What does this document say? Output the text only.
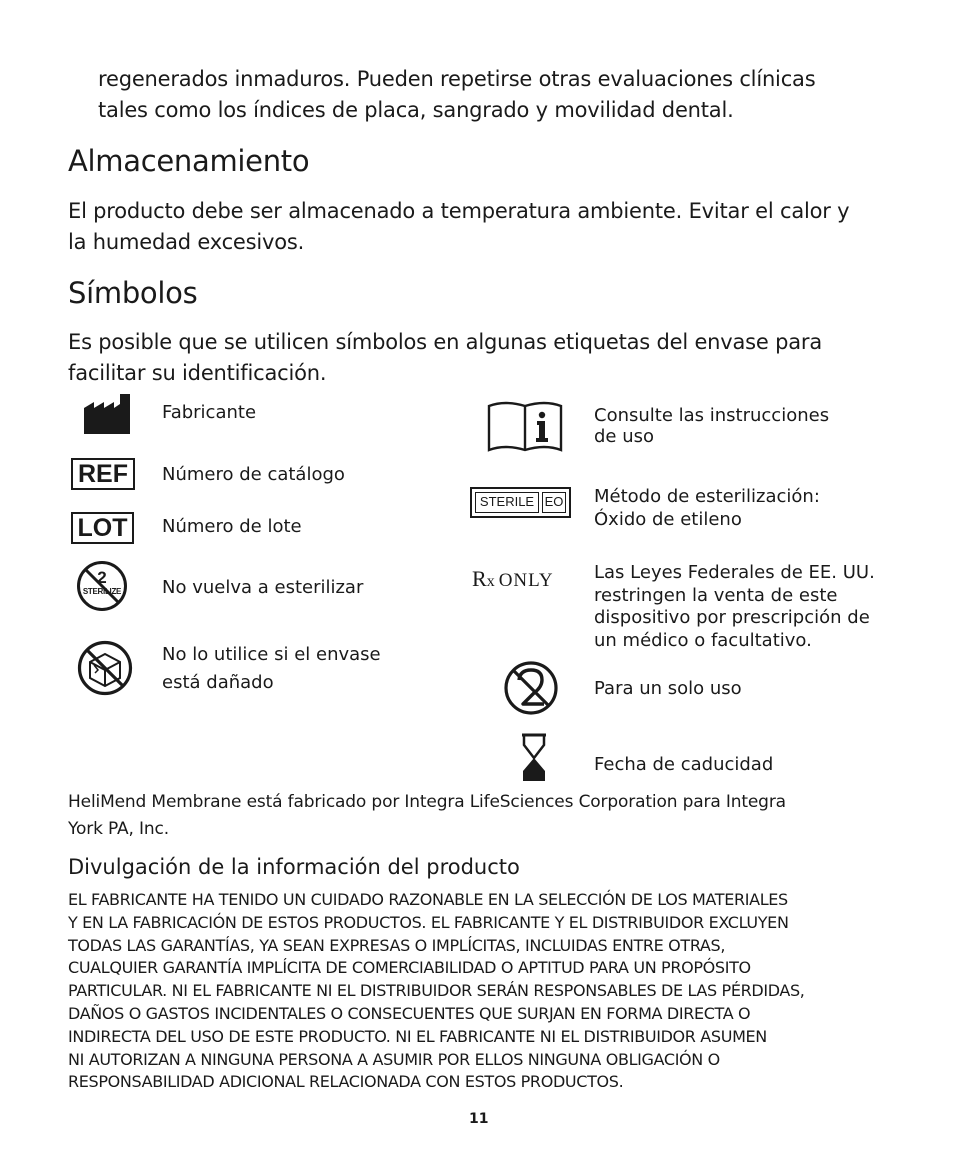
regenerados inmaduros. Pueden repetirse otras evaluaciones clínicas
tales como los índices de placa, sangrado y movilidad dental.
Almacenamiento
El producto debe ser almacenado a temperatura ambiente. Evitar el calor y
la humedad excesivos.
Símbolos
Es posible que se utilicen símbolos en algunas etiquetas del envase para
facilitar su identificación.
Fabricante
REF	Número de catálogo
LOT	Número de lote
2
STERILIZE	No vuelva a esterilizar
No lo utilice si el envase
está dañado
Consulte las instrucciones
de uso
STERILE EO Método de esterilización:
Óxido de etileno
Rx ONLY Las Leyes Federales de EE. UU.
restringen la venta de este
dispositivo por prescripción de
un médico o facultativo.
Para un solo uso
Fecha de caducidad
HeliMend Membrane está fabricado por Integra LifeSciences Corporation para Integra
York PA, Inc.
Divulgación de la información del producto
EL FABRICANTE HA TENIDO UN CUIDADO RAZONABLE EN LA SELECCIÓN DE LOS MATERIALES
Y EN LA FABRICACIÓN DE ESTOS PRODUCTOS. EL FABRICANTE Y EL DISTRIBUIDOR EXCLUYEN
TODAS LAS GARANTÍAS, YA SEAN EXPRESAS O IMPLÍCITAS, INCLUIDAS ENTRE OTRAS,
CUALQUIER GARANTÍA IMPLÍCITA DE COMERCIABILIDAD O APTITUD PARA UN PROPÓSITO
PARTICULAR. NI EL FABRICANTE NI EL DISTRIBUIDOR SERÁN RESPONSABLES DE LAS PÉRDIDAS,
DAÑOS O GASTOS INCIDENTALES O CONSECUENTES QUE SURJAN EN FORMA DIRECTA O
INDIRECTA DEL USO DE ESTE PRODUCTO. NI EL FABRICANTE NI EL DISTRIBUIDOR ASUMEN
NI AUTORIZAN A NINGUNA PERSONA A ASUMIR POR ELLOS NINGUNA OBLIGACIÓN O
RESPONSABILIDAD ADICIONAL RELACIONADA CON ESTOS PRODUCTOS.
11
